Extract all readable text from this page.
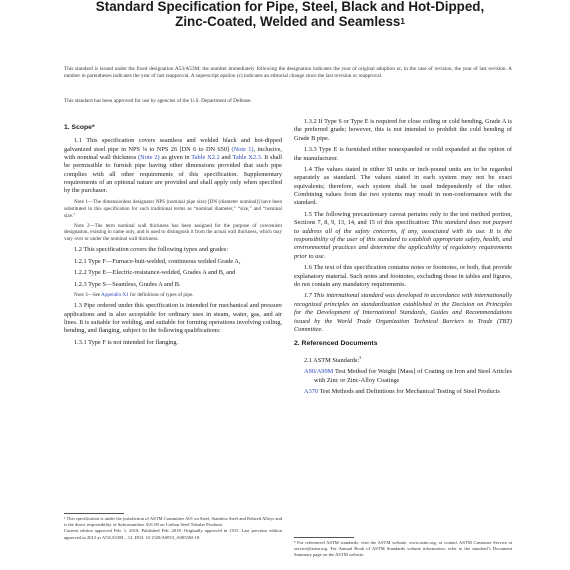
Standard Specification for Pipe, Steel, Black and Hot-Dipped, Zinc-Coated, Welded and Seamless$^1$
This standard is issued under the fixed designation A53/A53M; the number immediately following the designation indicates the year of original adoption or, in the case of revision, the year of last revision. A number in parentheses indicates the year of last reapproval. A superscript epsilon (ε) indicates an editorial change since the last revision or reapproval.
This standard has been approved for use by agencies of the U.S. Department of Defense.
1. Scope*

1.1 This specification covers seamless and welded black and hot-dipped galvanized steel pipe in NPS ⅛ to NPS 26 [DN 6 to DN 650] (Note 1), inclusive, with nominal wall thickness (Note 2) as given in Table X2.2 and Table X2.3. It shall be permissible to furnish pipe having other dimensions provided that such pipe complies with all other requirements of this specification. Supplementary requirements of an optional nature are provided and shall apply only when specified by the purchaser.

Note 1—The dimensionless designator NPS (nominal pipe size) [DN (diameter nominal)] have been substituted in this specification for such traditional terms as “nominal diameter,” “size,” and “nominal size.”

Note 2—The term nominal wall thickness has been assigned for the purpose of convenient designation, existing in name only, and is used to distinguish it from the actual wall thickness, which may vary over or under the nominal wall thickness.

1.2 This specification covers the following types and grades:

1.2.1 Type F—Furnace-butt-welded, continuous welded Grade A,

1.2.2 Type E—Electric-resistance-welded, Grades A and B, and

1.2.3 Type S—Seamless, Grades A and B.

Note 3—See Appendix X1 for definitions of types of pipe.

1.3 Pipe ordered under this specification is intended for mechanical and pressure applications and is also acceptable for ordinary uses in steam, water, gas, and air lines. It is suitable for welding, and suitable for forming operations involving coiling, bending, and flanging, subject to the following qualifications:

1.3.1 Type F is not intended for flanging.

1.3.2 If Type S or Type E is required for close coiling or cold bending, Grade A is the preferred grade; however, this is not intended to prohibit the cold bending of Grade B pipe.

1.3.3 Type E is furnished either nonexpanded or cold expanded at the option of the manufacturer.

1.4 The values stated in either SI units or inch-pound units are to be regarded separately as standard. The values stated in each system may not be exact equivalents; therefore, each system shall be used independently of the other. Combining values from the two systems may result in non-conformance with the standard.

1.5 The following precautionary caveat pertains only to the test method portion, Sections 7, 8, 9, 13, 14, and 15 of this specification: This standard does not purport to address all of the safety concerns, if any, associated with its use. It is the responsibility of the user of this standard to establish appropriate safety, health, and environmental practices and determine the applicability of regulatory requirements prior to use.

1.6 The text of this specification contains notes or footnotes, or both, that provide explanatory material. Such notes and footnotes, excluding those in tables and figures, do not contain any mandatory requirements.

1.7 This international standard was developed in accordance with internationally recognized principles on standardization established in the Decision on Principles for the Development of International Standards, Guides and Recommendations issued by the World Trade Organization Technical Barriers to Trade (TBT) Committee.

2. Referenced Documents

2.1 ASTM Standards:$^3$

A90/A90M Test Method for Weight [Mass] of Coating on Iron and Steel Articles with Zinc or Zinc-Alloy Coatings

A370 Test Methods and Definitions for Mechanical Testing of Steel Products

¹ This specification is under the jurisdiction of ASTM Committee A01 on Steel, Stainless Steel and Related Alloys and is the direct responsibility of Subcommittee A01.09 on Carbon Steel Tubular Products.
Current edition approved Feb. 1, 2018. Published Feb. 2018. Originally approved in 1915. Last previous edition approved in 2012 as A53/A53M – 12. DOI: 10.1520/A0053_A0053M-18.
³ For referenced ASTM standards, visit the ASTM website, www.astm.org, or contact ASTM Customer Service at service@astm.org. For Annual Book of ASTM Standards volume information, refer to the standard’s Document Summary page on the ASTM website.
